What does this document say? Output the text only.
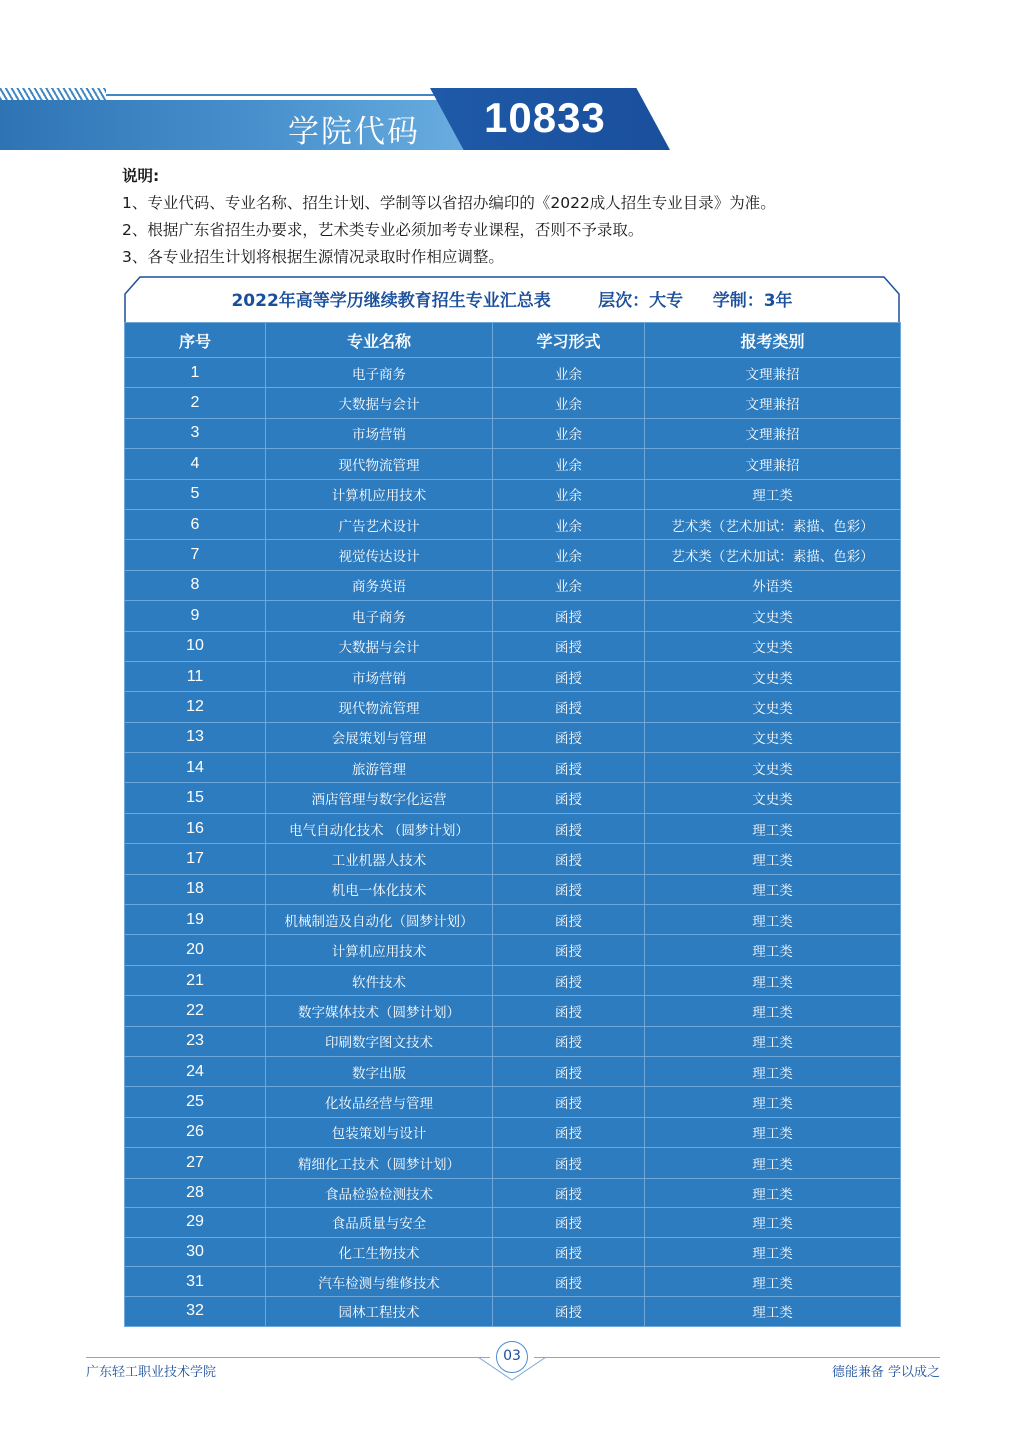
学院代码 10833
说明:
1、专业代码、专业名称、招生计划、学制等以省招办编印的《2022成人招生专业目录》为准。
2、根据广东省招生办要求，艺术类专业必须加考专业课程，否则不予录取。
3、各专业招生计划将根据生源情况录取时作相应调整。
2022年高等学历继续教育招生专业汇总表        层次：大专     学制：3年
序号	专业名称	学习形式	报考类别
1	电子商务	业余	文理兼招
2	大数据与会计	业余	文理兼招
3	市场营销	业余	文理兼招
4	现代物流管理	业余	文理兼招
5	计算机应用技术	业余	理工类
6	广告艺术设计	业余	艺术类（艺术加试：素描、色彩）
7	视觉传达设计	业余	艺术类（艺术加试：素描、色彩）
8	商务英语	业余	外语类
9	电子商务	函授	文史类
10	大数据与会计	函授	文史类
11	市场营销	函授	文史类
12	现代物流管理	函授	文史类
13	会展策划与管理	函授	文史类
14	旅游管理	函授	文史类
15	酒店管理与数字化运营	函授	文史类
16	电气自动化技术 （圆梦计划）	函授	理工类
17	工业机器人技术	函授	理工类
18	机电一体化技术	函授	理工类
19	机械制造及自动化（圆梦计划）	函授	理工类
20	计算机应用技术	函授	理工类
21	软件技术	函授	理工类
22	数字媒体技术（圆梦计划）	函授	理工类
23	印刷数字图文技术	函授	理工类
24	数字出版	函授	理工类
25	化妆品经营与管理	函授	理工类
26	包装策划与设计	函授	理工类
27	精细化工技术（圆梦计划）	函授	理工类
28	食品检验检测技术	函授	理工类
29	食品质量与安全	函授	理工类
30	化工生物技术	函授	理工类
31	汽车检测与维修技术	函授	理工类
32	园林工程技术	函授	理工类
03
广东轻工职业技术学院	德能兼备 学以成之
